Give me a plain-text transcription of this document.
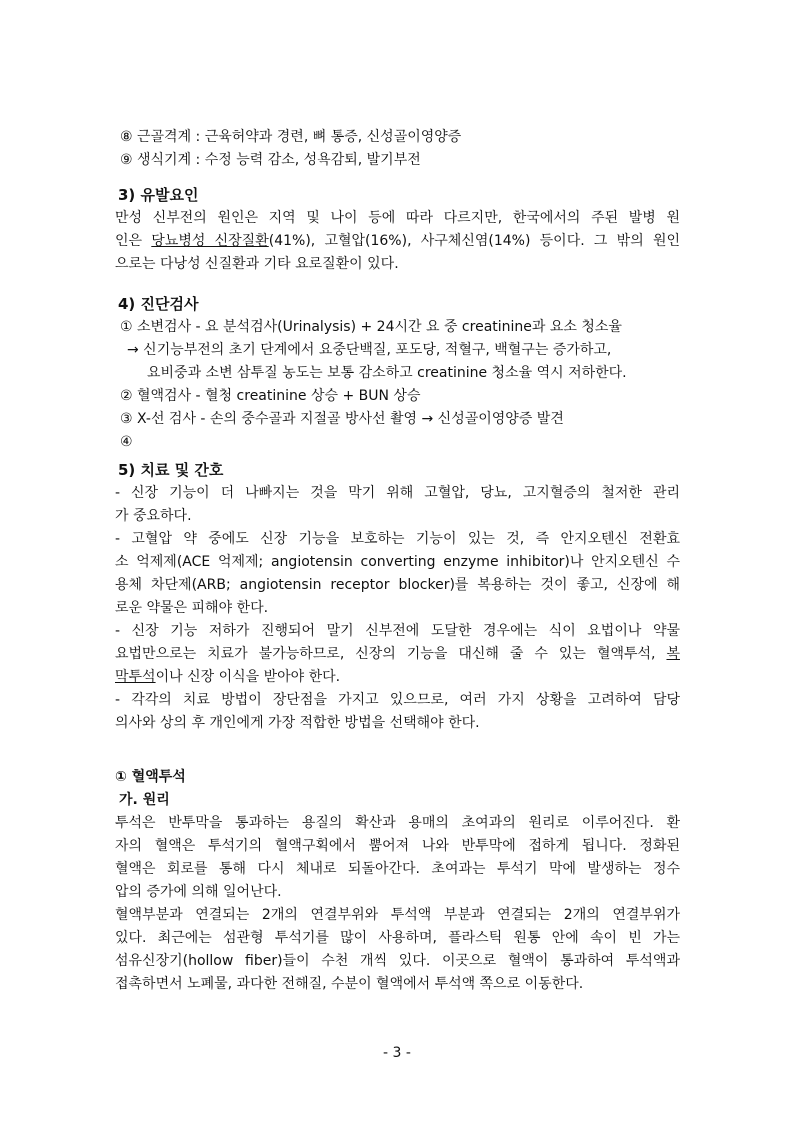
⑧ 근골격계 : 근육허약과 경련, 뼈 통증, 신성골이영양증
⑨ 생식기계 : 수정 능력 감소, 성욕감퇴, 발기부전
3) 유발요인
만성 신부전의 원인은 지역 및 나이 등에 따라 다르지만, 한국에서의 주된 발병 원
인은 당뇨병성 신장질환(41%), 고혈압(16%), 사구체신염(14%) 등이다. 그 밖의 원인
으로는 다낭성 신질환과 기타 요로질환이 있다.
4) 진단검사
① 소변검사 - 요 분석검사(Urinalysis) + 24시간 요 중 creatinine과 요소 청소율
→ 신기능부전의 초기 단계에서 요중단백질, 포도당, 적혈구, 백혈구는 증가하고,
요비중과 소변 삼투질 농도는 보통 감소하고 creatinine 청소율 역시 저하한다.
② 혈액검사 - 혈청 creatinine 상승 + BUN 상승
③ X-선 검사 - 손의 중수골과 지절골 방사선 촬영 → 신성골이영양증 발견
④
5) 치료 및 간호
- 신장 기능이 더 나빠지는 것을 막기 위해 고혈압, 당뇨, 고지혈증의 철저한 관리
가 중요하다.
- 고혈압 약 중에도 신장 기능을 보호하는 기능이 있는 것, 즉 안지오텐신 전환효
소 억제제(ACE 억제제; angiotensin converting enzyme inhibitor)나 안지오텐신 수
용체 차단제(ARB; angiotensin receptor blocker)를 복용하는 것이 좋고, 신장에 해
로운 약물은 피해야 한다.
- 신장 기능 저하가 진행되어 말기 신부전에 도달한 경우에는 식이 요법이나 약물
요법만으로는 치료가 불가능하므로, 신장의 기능을 대신해 줄 수 있는 혈액투석, 복
막투석이나 신장 이식을 받아야 한다.
- 각각의 치료 방법이 장단점을 가지고 있으므로, 여러 가지 상황을 고려하여 담당
의사와 상의 후 개인에게 가장 적합한 방법을 선택해야 한다.
① 혈액투석
가. 원리
투석은 반투막을 통과하는 용질의 확산과 용매의 초여과의 원리로 이루어진다. 환
자의 혈액은 투석기의 혈액구획에서 뿜어져 나와 반투막에 접하게 됩니다. 정화된
혈액은 회로를 통해 다시 체내로 되돌아간다. 초여과는 투석기 막에 발생하는 정수
압의 증가에 의해 일어난다.
혈액부분과 연결되는 2개의 연결부위와 투석액 부분과 연결되는 2개의 연결부위가
있다. 최근에는 섬관형 투석기를 많이 사용하며, 플라스틱 원통 안에 속이 빈 가는
섬유신장기(hollow fiber)들이 수천 개씩 있다. 이곳으로 혈액이 통과하여 투석액과
접촉하면서 노폐물, 과다한 전해질, 수분이 혈액에서 투석액 쪽으로 이동한다.
- 3 -
